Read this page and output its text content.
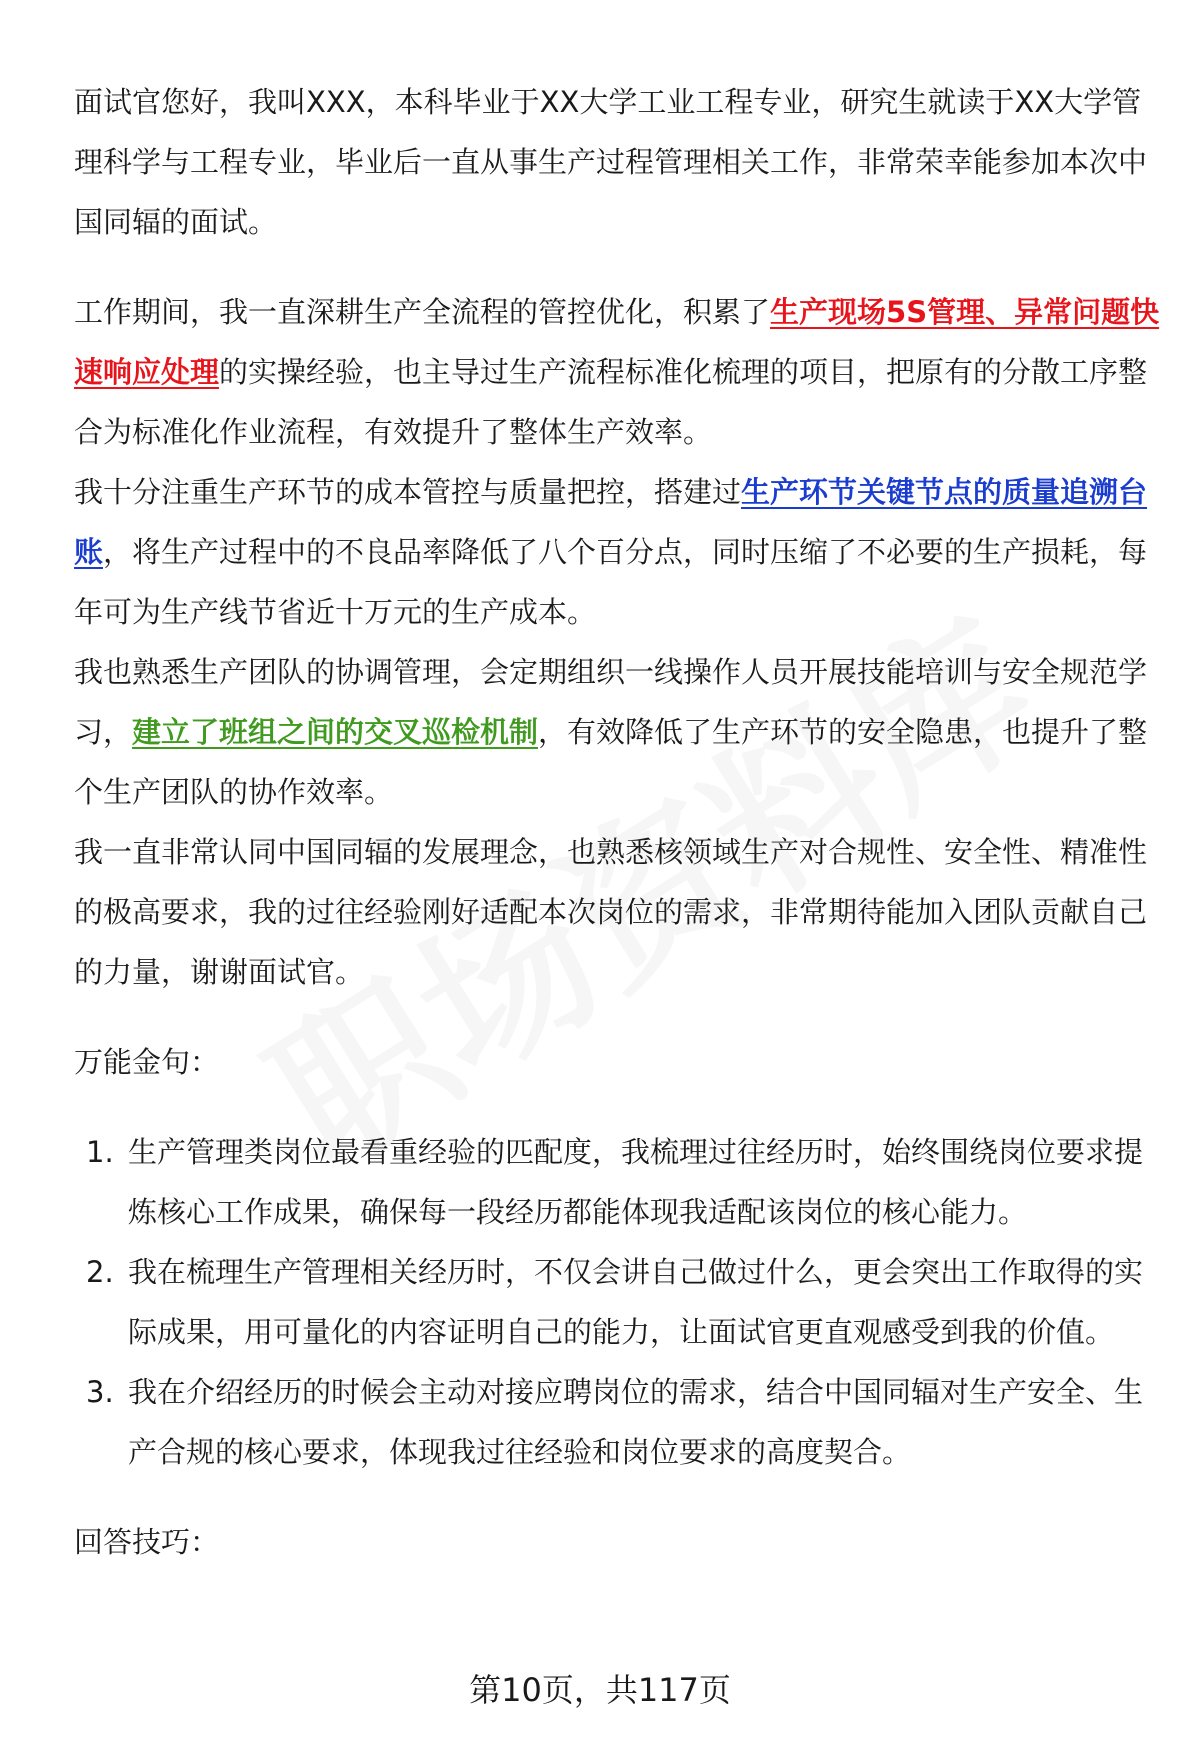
面试官您好，我叫XXX，本科毕业于XX大学工业工程专业，研究生就读于XX大学管理科学与工程专业，毕业后一直从事生产过程管理相关工作，非常荣幸能参加本次中国同辐的面试。

工作期间，我一直深耕生产全流程的管控优化，积累了生产现场5S管理、异常问题快速响应处理的实操经验，也主导过生产流程标准化梳理的项目，把原有的分散工序整合为标准化作业流程，有效提升了整体生产效率。

我十分注重生产环节的成本管控与质量把控，搭建过生产环节关键节点的质量追溯台账，将生产过程中的不良品率降低了八个百分点，同时压缩了不必要的生产损耗，每年可为生产线节省近十万元的生产成本。

我也熟悉生产团队的协调管理，会定期组织一线操作人员开展技能培训与安全规范学习，建立了班组之间的交叉巡检机制，有效降低了生产环节的安全隐患，也提升了整个生产团队的协作效率。

我一直非常认同中国同辐的发展理念，也熟悉核领域生产对合规性、安全性、精准性的极高要求，我的过往经验刚好适配本次岗位的需求，非常期待能加入团队贡献自己的力量，谢谢面试官。

万能金句：

1. 生产管理类岗位最看重经验的匹配度，我梳理过往经历时，始终围绕岗位要求提炼核心工作成果，确保每一段经历都能体现我适配该岗位的核心能力。
2. 我在梳理生产管理相关经历时，不仅会讲自己做过什么，更会突出工作取得的实际成果，用可量化的内容证明自己的能力，让面试官更直观感受到我的价值。
3. 我在介绍经历的时候会主动对接应聘岗位的需求，结合中国同辐对生产安全、生产合规的核心要求，体现我过往经验和岗位要求的高度契合。

回答技巧：

第10页，共117页
